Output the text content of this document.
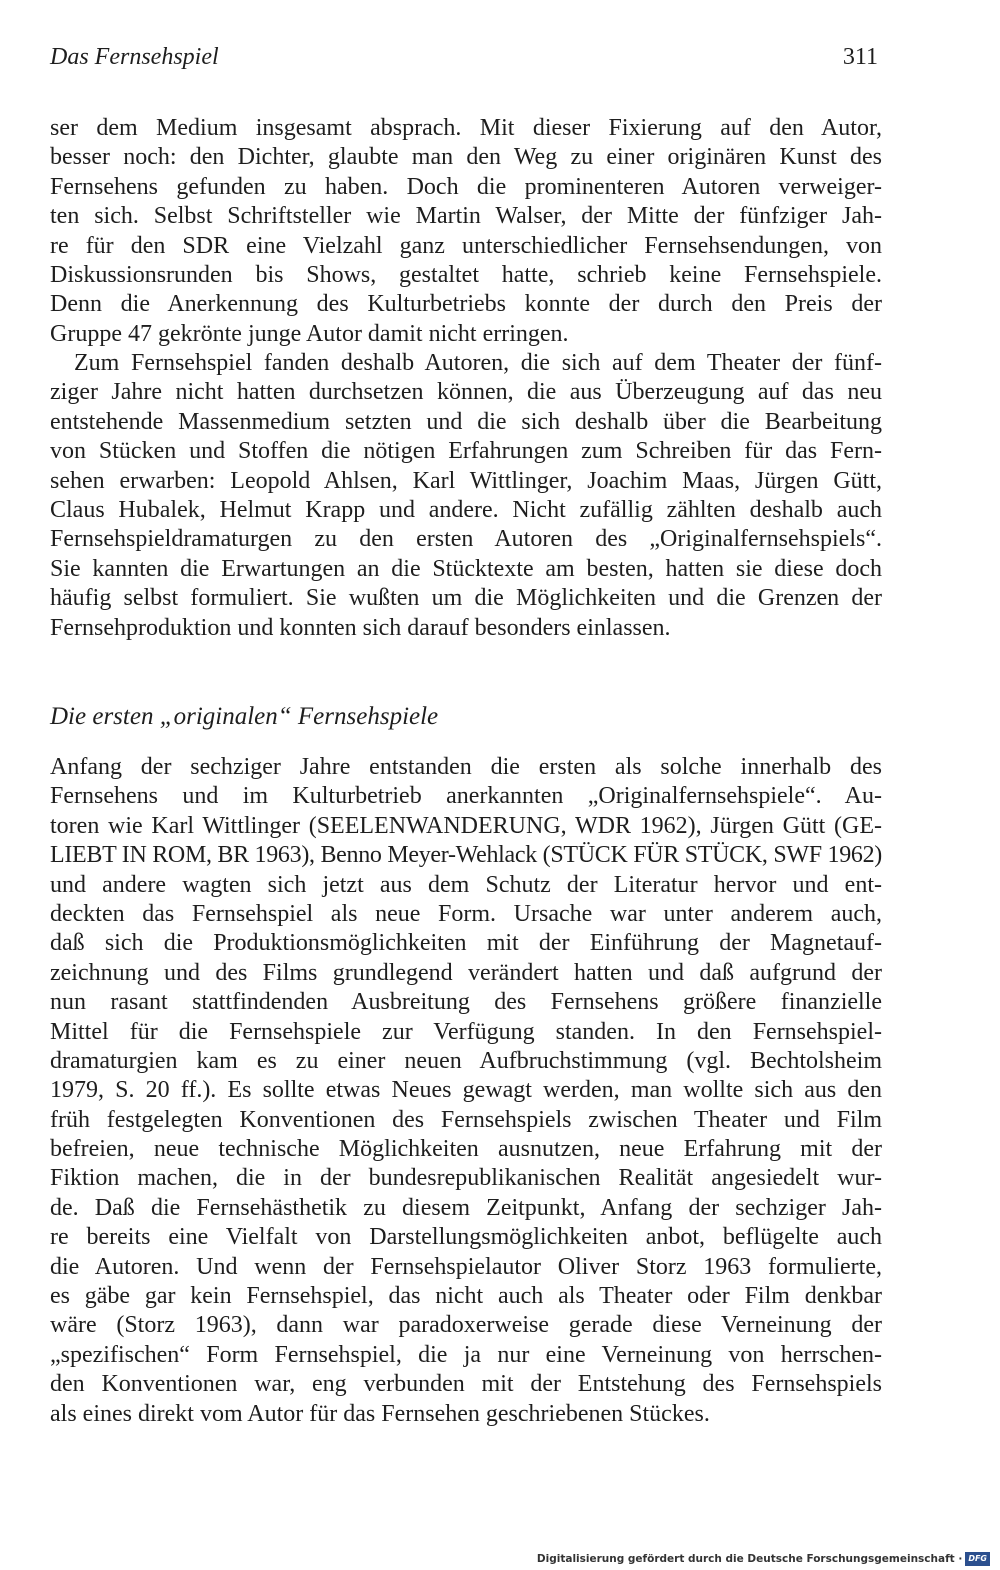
Das Fernsehspiel	311
ser dem Medium insgesamt absprach. Mit dieser Fixierung auf den Autor,
besser noch: den Dichter, glaubte man den Weg zu einer originären Kunst des
Fernsehens gefunden zu haben. Doch die prominenteren Autoren verweiger-
ten sich. Selbst Schriftsteller wie Martin Walser, der Mitte der fünfziger Jah-
re für den SDR eine Vielzahl ganz unterschiedlicher Fernsehsendungen, von
Diskussionsrunden bis Shows, gestaltet hatte, schrieb keine Fernsehspiele.
Denn die Anerkennung des Kulturbetriebs konnte der durch den Preis der
Gruppe 47 gekrönte junge Autor damit nicht erringen.
Zum Fernsehspiel fanden deshalb Autoren, die sich auf dem Theater der fünf-
ziger Jahre nicht hatten durchsetzen können, die aus Überzeugung auf das neu
entstehende Massenmedium setzten und die sich deshalb über die Bearbeitung
von Stücken und Stoffen die nötigen Erfahrungen zum Schreiben für das Fern-
sehen erwarben: Leopold Ahlsen, Karl Wittlinger, Joachim Maas, Jürgen Gütt,
Claus Hubalek, Helmut Krapp und andere. Nicht zufällig zählten deshalb auch
Fernsehspieldramaturgen zu den ersten Autoren des „Originalfernsehspiels“.
Sie kannten die Erwartungen an die Stücktexte am besten, hatten sie diese doch
häufig selbst formuliert. Sie wußten um die Möglichkeiten und die Grenzen der
Fernsehproduktion und konnten sich darauf besonders einlassen.
Die ersten „originalen“ Fernsehspiele
Anfang der sechziger Jahre entstanden die ersten als solche innerhalb des
Fernsehens und im Kulturbetrieb anerkannten „Originalfernsehspiele“. Au-
toren wie Karl Wittlinger (SEELENWANDERUNG, WDR 1962), Jürgen Gütt (GE-
LIEBT IN ROM, BR 1963), Benno Meyer-Wehlack (STÜCK FÜR STÜCK, SWF 1962)
und andere wagten sich jetzt aus dem Schutz der Literatur hervor und ent-
deckten das Fernsehspiel als neue Form. Ursache war unter anderem auch,
daß sich die Produktionsmöglichkeiten mit der Einführung der Magnetauf-
zeichnung und des Films grundlegend verändert hatten und daß aufgrund der
nun rasant stattfindenden Ausbreitung des Fernsehens größere finanzielle
Mittel für die Fernsehspiele zur Verfügung standen. In den Fernsehspiel-
dramaturgien kam es zu einer neuen Aufbruchstimmung (vgl. Bechtolsheim
1979, S. 20 ff.). Es sollte etwas Neues gewagt werden, man wollte sich aus den
früh festgelegten Konventionen des Fernsehspiels zwischen Theater und Film
befreien, neue technische Möglichkeiten ausnutzen, neue Erfahrung mit der
Fiktion machen, die in der bundesrepublikanischen Realität angesiedelt wur-
de. Daß die Fernsehästhetik zu diesem Zeitpunkt, Anfang der sechziger Jah-
re bereits eine Vielfalt von Darstellungsmöglichkeiten anbot, beflügelte auch
die Autoren. Und wenn der Fernsehspielautor Oliver Storz 1963 formulierte,
es gäbe gar kein Fernsehspiel, das nicht auch als Theater oder Film denkbar
wäre (Storz 1963), dann war paradoxerweise gerade diese Verneinung der
„spezifischen“ Form Fernsehspiel, die ja nur eine Verneinung von herrschen-
den Konventionen war, eng verbunden mit der Entstehung des Fernsehspiels
als eines direkt vom Autor für das Fernsehen geschriebenen Stückes.
Digitalisierung gefördert durch die Deutsche Forschungsgemeinschaft · DFG
